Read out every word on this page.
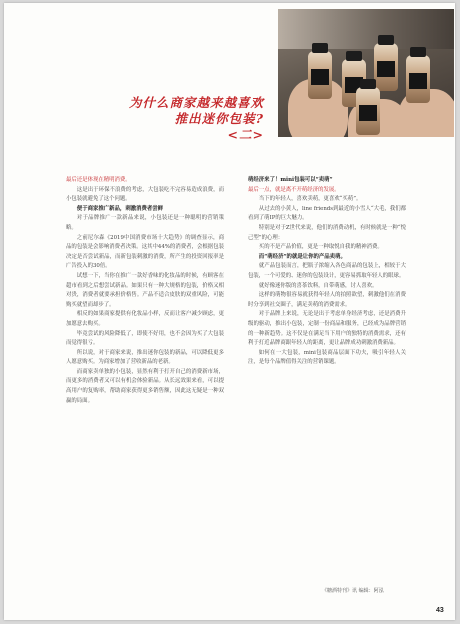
为什么商家越来越喜欢
推出迷你包装?
<二>

最后还是体现在精明消费。

这是出于环保不浪费的考虑，大包装吃不完容易造成浪费，而小包装就避免了这个问题。

便于商家推广新品，刺激消费者尝鲜

对于品牌推广一款新品来说，小包装还是一种聪明的营销策略。

之前尼尔森《2019中国消费市场十大趋势》的调查显示，商品的包装是会影响消费者决策。这其中44%的消费者，会根据包装决定是否尝试新品，而新包装刺激的消费，所产生的投资回报率是广告投入的30倍。

试想一下，当你在推广一款好香味的化妆品的时候，有顾客在超市看到之后想尝试新品。如果只有一种大规格的包装，价格又相对贵，消费者就要承担价格售。产品不适合皮肤的双重风险，可能购买就望而却步了。

相反的如果商家提供有化妆品小样，反而让客户减少顾虑，更加愿意去购买。

毕竟尝试的风险降低了，即使不好用，也不会因为买了大包装而觉得很亏。

所以说，对于商家来说，推出迷你包装的新品，可以降低更多人愿意购买。为商家增加了营收新品的老新。

而商家卖单独的小包装，显然有利于打开自己的消费新市场，而更多的消费者又可以有机会体验新品。从长远效果来看，可以提高用户的复购率，帮助商家获得更多销售额，因此这无疑是一种双赢的局面。

萌经济来了！mini包装可以“卖萌”

最后一点，就是离不开萌经济的发展。

当下的年轻人，喜欢卖萌，更喜欢“买萌”。

从过去的小黄人，line friends到最近的小雪人“大毛，我们都看到了萌IP的巨大魅力。

特别是对于Z世代来说，他们的消费动机，有时候就是一种“悦己型”的心理：

买的不是产品价值，更是一种取悦自我的精神消费。

而“萌经济”的就是让你的产品卖萌。

就产品包装而言，把瓶子浓缩入各色商品的包装上，相较于大包装，一个可爱的、迷你的包装设计，更容易抓取年轻人的眼球。

就好像迷你版的喜茶饮料，自带萌感，讨人喜欢。

这样的萌物很容易就获得年轻人的拍照欲望，刺激他们在消费时分享到社交圈子，满足卖萌的消费需求。

对于品牌上来说，无论是出于考虑单身经济考虑，还是消费升级的驱动，推出小包装，定制一份商品和服务，已经成为品牌营销的一种新趋势。这不仅是在满足当下用户的独特的消费需求，还有利于打近品牌商跟年轻人的距离，更让品牌成功刺激消费新品。

如何在一大包装，mini包装商品层面下功夫，吸引年轻人关注，是每个品牌值得关注的营销课题。

《糖酒特刊》讯 编辑：阿泓
43
